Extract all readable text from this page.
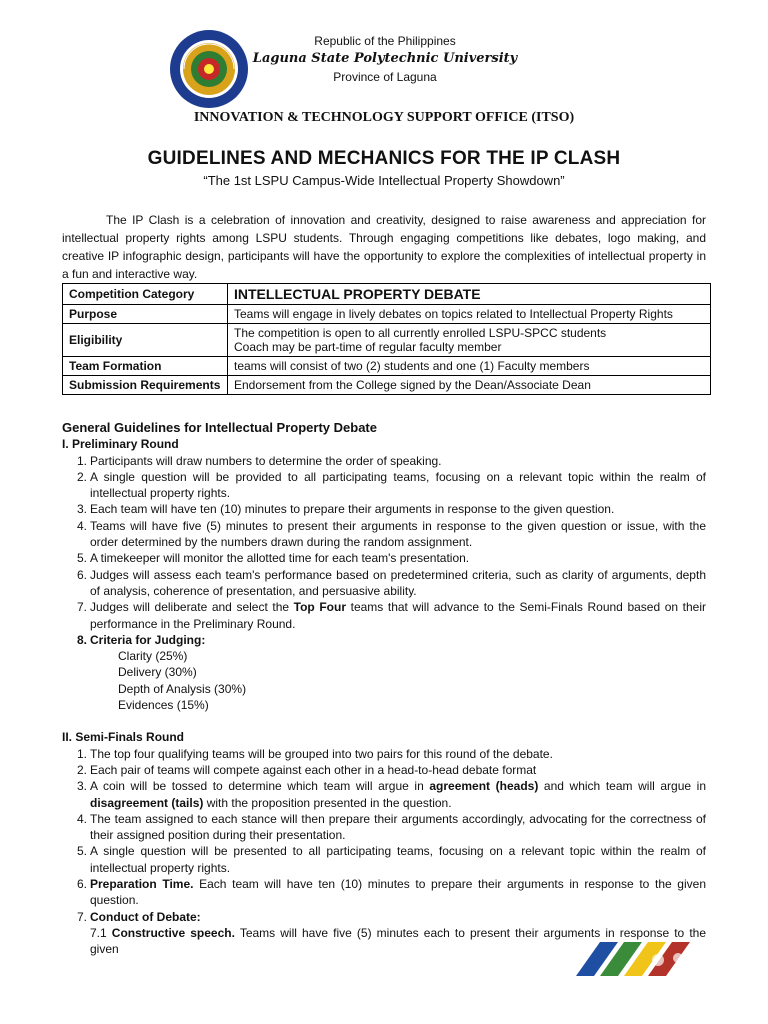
Republic of the Philippines
Laguna State Polytechnic University
Province of Laguna
INNOVATION & TECHNOLOGY SUPPORT OFFICE (ITSO)
GUIDELINES AND MECHANICS FOR THE IP CLASH
“The 1st LSPU Campus-Wide Intellectual Property Showdown”
The IP Clash is a celebration of innovation and creativity, designed to raise awareness and appreciation for intellectual property rights among LSPU students. Through engaging competitions like debates, logo making, and creative IP infographic design, participants will have the opportunity to explore the complexities of intellectual property in a fun and interactive way.
Competition Category	INTELLECTUAL PROPERTY DEBATE
Purpose	Teams will engage in lively debates on topics related to Intellectual Property Rights
Eligibility	The competition is open to all currently enrolled LSPU-SPCC students
Coach may be part-time of regular faculty member

Team Formation	teams will consist of two (2) students and one (1) Faculty members
Submission Requirements	Endorsement from the College signed by the Dean/Associate Dean
General Guidelines for Intellectual Property Debate
I. Preliminary Round
1. Participants will draw numbers to determine the order of speaking.
2. A single question will be provided to all participating teams, focusing on a relevant topic within the realm of intellectual property rights.
3. Each team will have ten (10) minutes to prepare their arguments in response to the given question.
4. Teams will have five (5) minutes to present their arguments in response to the given question or issue, with the order determined by the numbers drawn during the random assignment.
5. A timekeeper will monitor the allotted time for each team's presentation.
6. Judges will assess each team's performance based on predetermined criteria, such as clarity of arguments, depth of analysis, coherence of presentation, and persuasive ability.
7. Judges will deliberate and select the Top Four teams that will advance to the Semi-Finals Round based on their performance in the Preliminary Round.
8. Criteria for Judging:
Clarity (25%)
Delivery (30%)
Depth of Analysis (30%)
Evidences (15%)
II. Semi-Finals Round
1. The top four qualifying teams will be grouped into two pairs for this round of the debate.
2. Each pair of teams will compete against each other in a head-to-head debate format
3. A coin will be tossed to determine which team will argue in agreement (heads) and which team will argue in disagreement (tails) with the proposition presented in the question.
4. The team assigned to each stance will then prepare their arguments accordingly, advocating for the correctness of their assigned position during their presentation.
5. A single question will be presented to all participating teams, focusing on a relevant topic within the realm of intellectual property rights.
6. Preparation Time. Each team will have ten (10) minutes to prepare their arguments in response to the given question.
7. Conduct of Debate:
7.1 Constructive speech. Teams will have five (5) minutes each to present their arguments in response to the given
